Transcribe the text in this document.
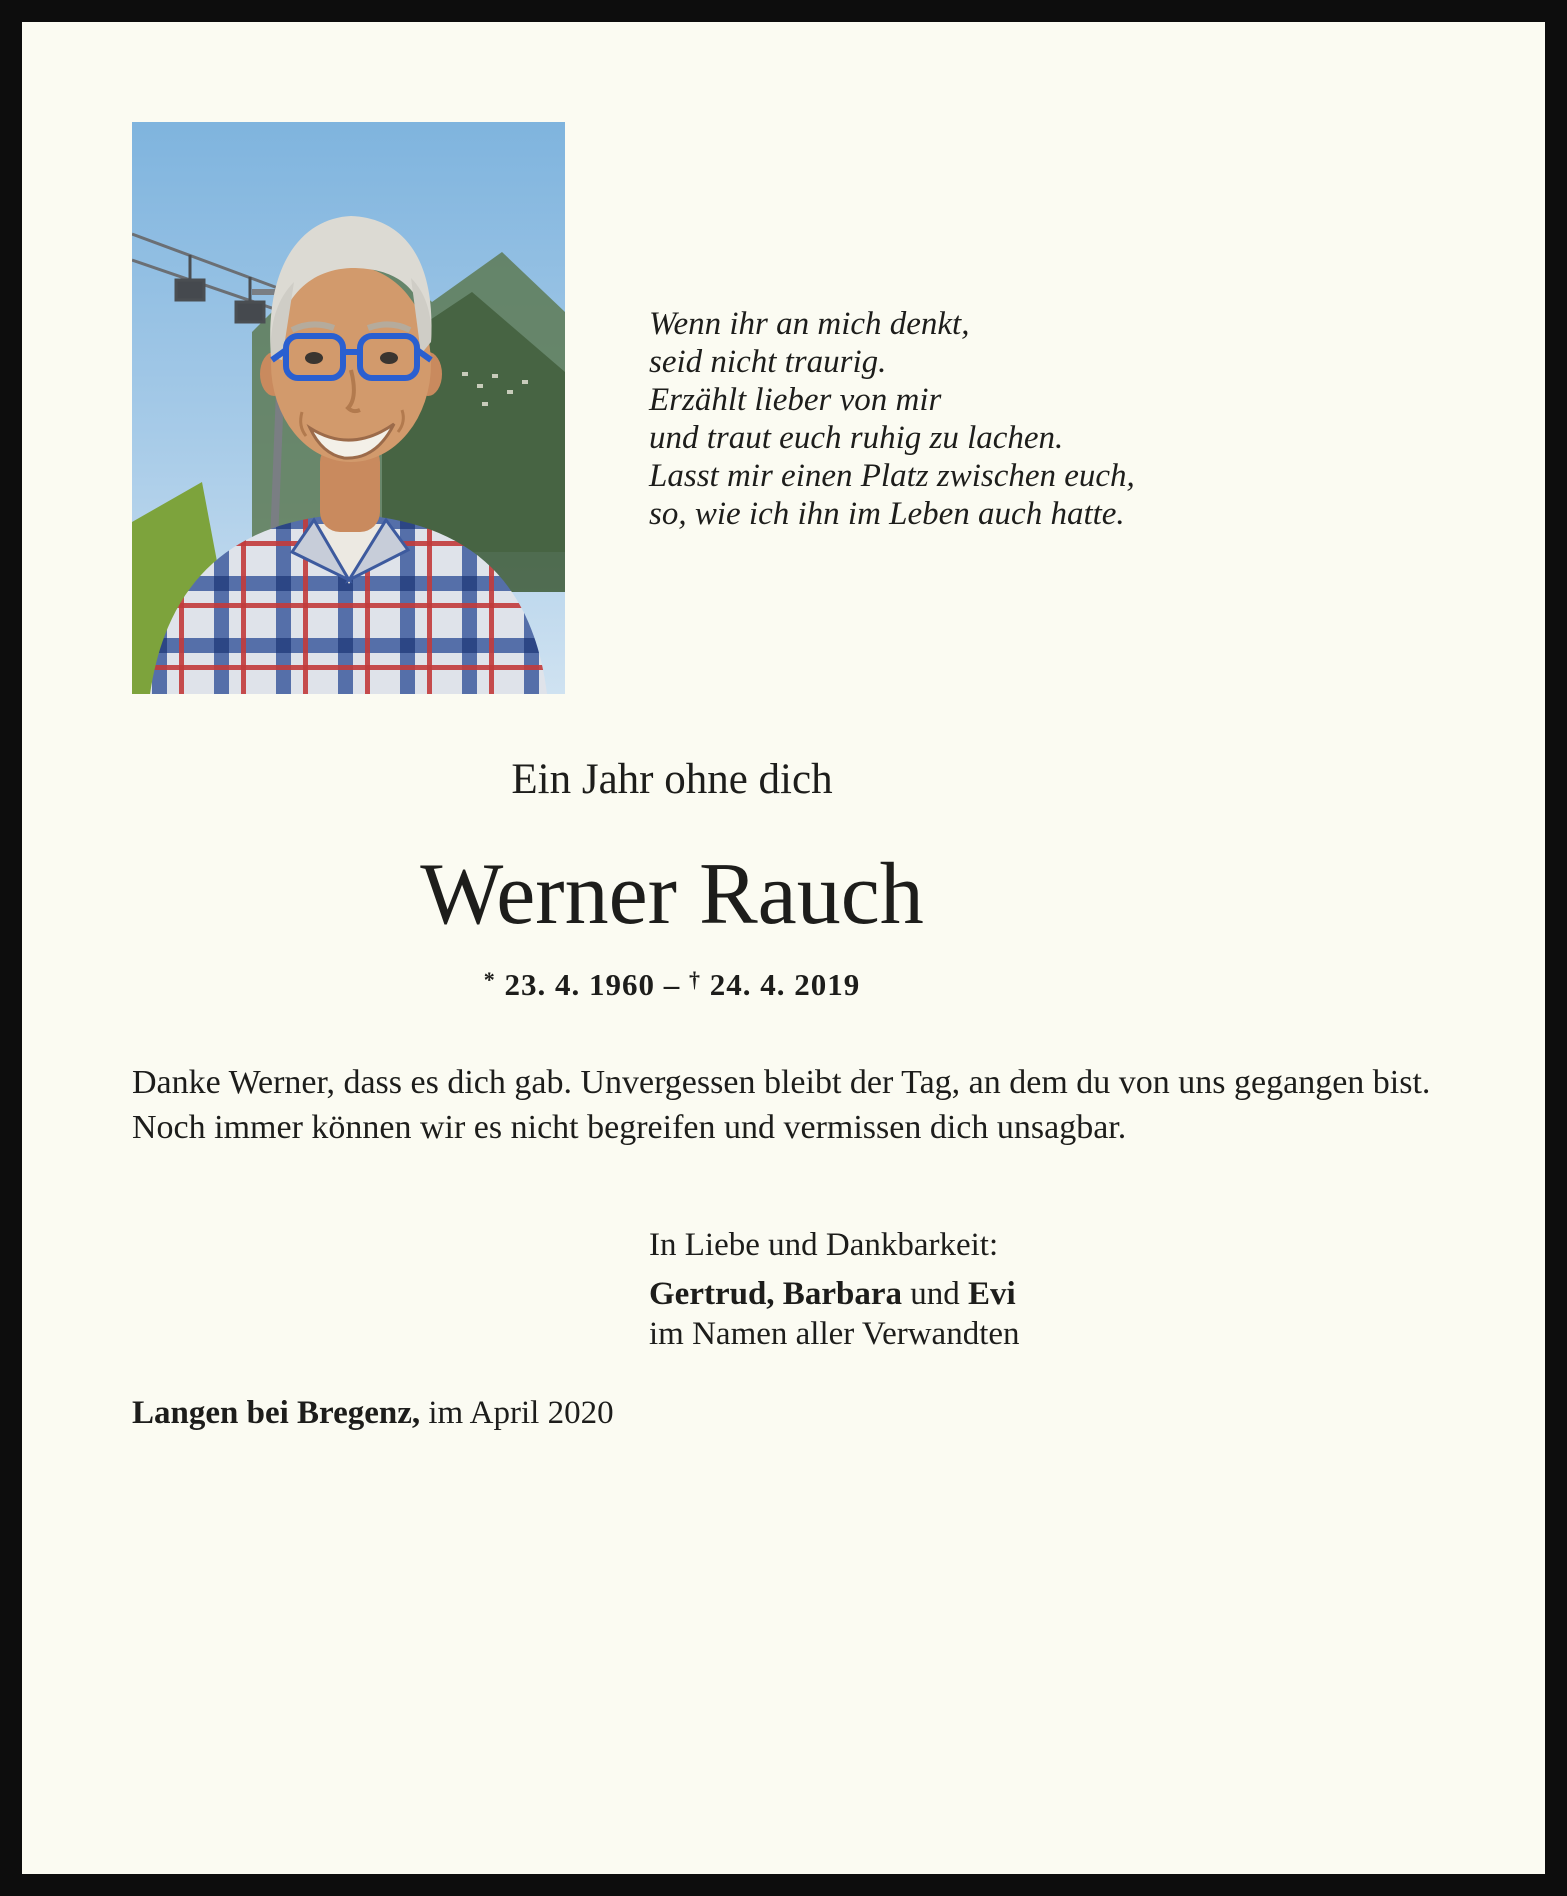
Wenn ihr an mich denkt,
seid nicht traurig.
Erzählt lieber von mir
und traut euch ruhig zu lachen.
Lasst mir einen Platz zwischen euch,
so, wie ich ihn im Leben auch hatte.
Ein Jahr ohne dich
Werner Rauch
* 23. 4. 1960 – † 24. 4. 2019
Danke Werner, dass es dich gab. Unvergessen bleibt der Tag, an dem du von uns gegangen bist. Noch immer können wir es nicht begreifen und vermissen dich unsagbar.
In Liebe und Dankbarkeit:
Gertrud, Barbara und Evi
im Namen aller Verwandten
Langen bei Bregenz, im April 2020
